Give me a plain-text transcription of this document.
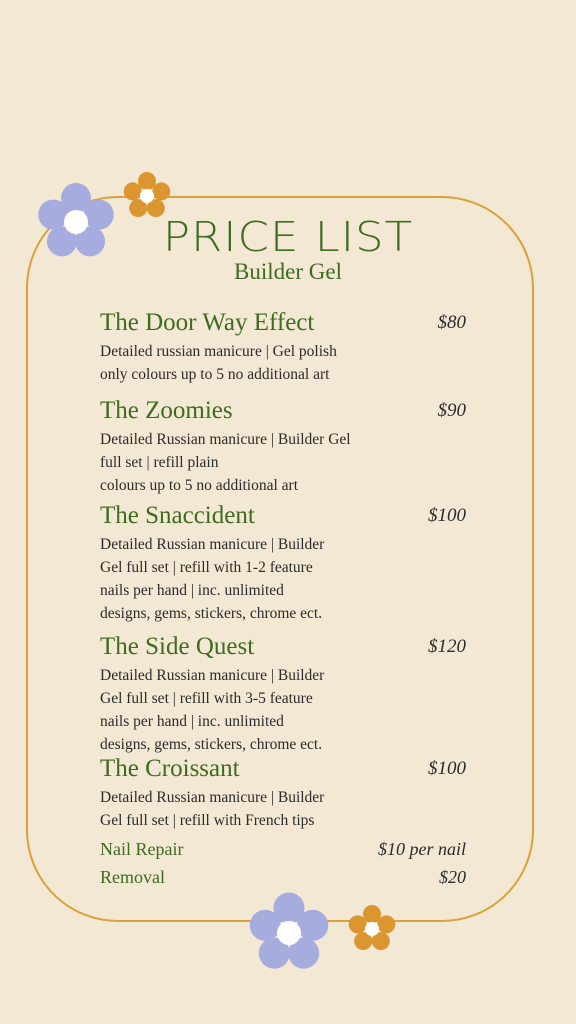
PRICE LIST
Builder Gel
The Door Way Effect	$80
Detailed russian manicure | Gel polish
only colours up to 5 no additional art
The Zoomies	$90
Detailed Russian manicure | Builder Gel
full set | refill plain
colours up to 5 no additional art
The Snaccident	$100
Detailed Russian manicure | Builder
Gel full set | refill with 1-2 feature
nails per hand | inc. unlimited
designs, gems, stickers, chrome ect.
The Side Quest	$120
Detailed Russian manicure | Builder
Gel full set | refill with 3-5 feature
nails per hand | inc. unlimited
designs, gems, stickers, chrome ect.
The Croissant	$100
Detailed Russian manicure | Builder
Gel full set | refill with French tips
Nail Repair	$10 per nail
Removal	$20
